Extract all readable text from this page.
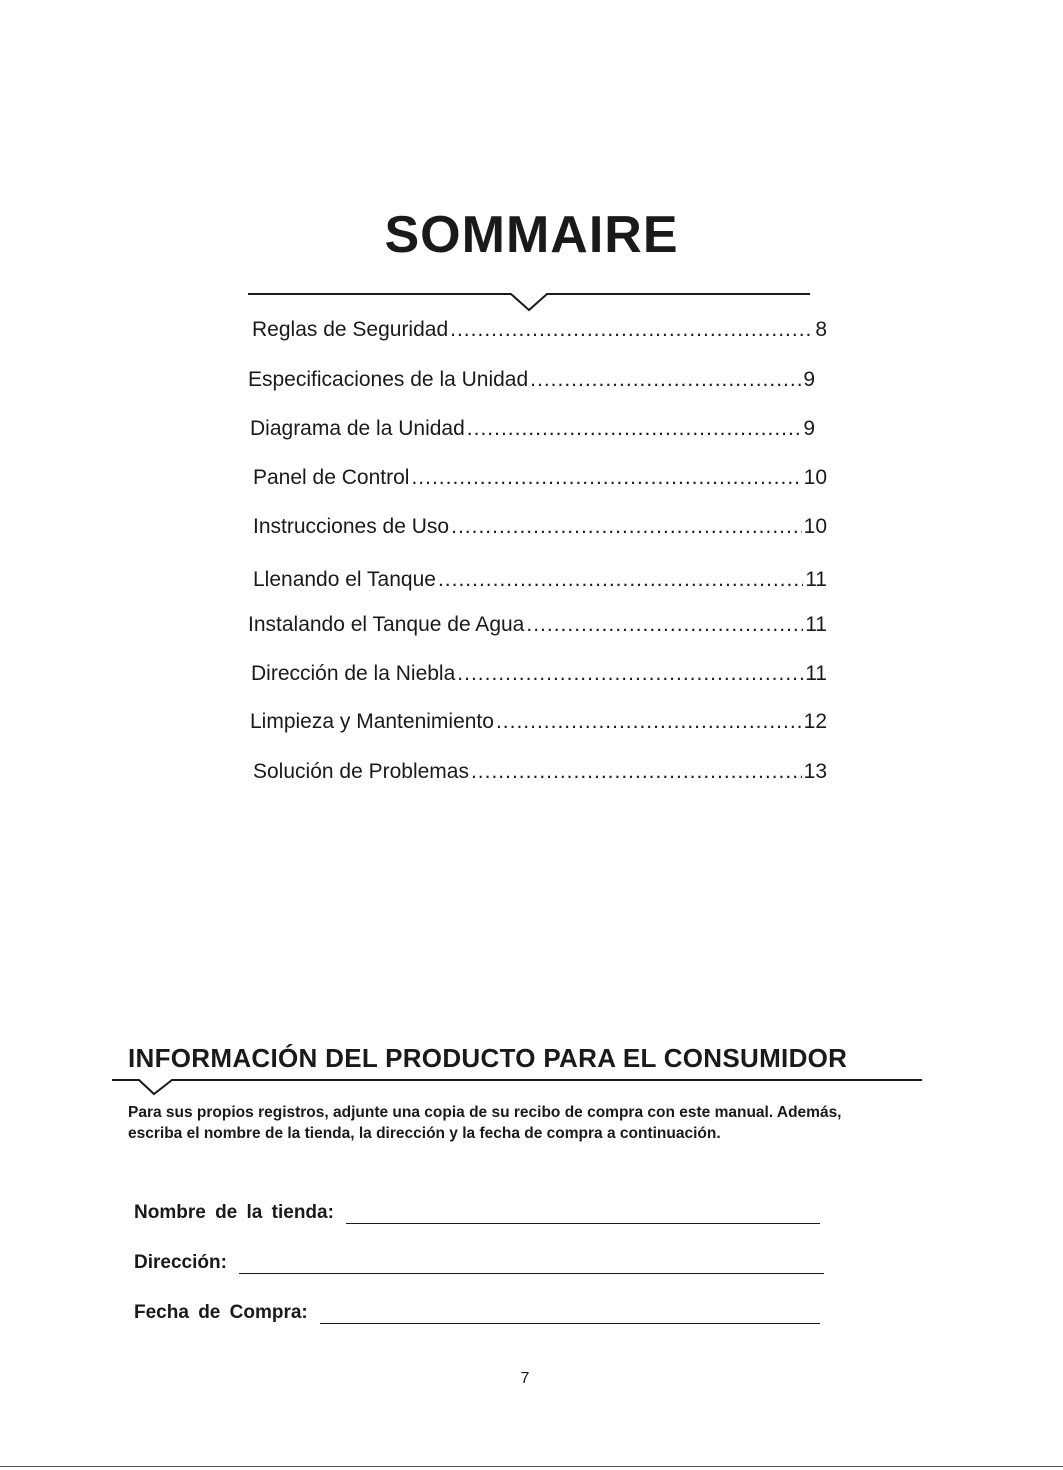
SOMMAIRE
Reglas de Seguridad .....	8
Especificaciones de la Unidad .....	9
Diagrama de la Unidad .....	9
Panel de Control .....	10
Instrucciones de Uso .....	10
Llenando el Tanque .....	11
Instalando el Tanque de Agua .....	11
Dirección de la Niebla .....	11
Limpieza y Mantenimiento .....	12
Solución de Problemas .....	13
INFORMACIÓN DEL PRODUCTO PARA EL CONSUMIDOR
Para sus propios registros, adjunte una copia de su recibo de compra con este manual. Además,
escriba el nombre de la tienda, la dirección y la fecha de compra a continuación.
Nombre de la tienda:
Dirección:
Fecha de Compra:
7
